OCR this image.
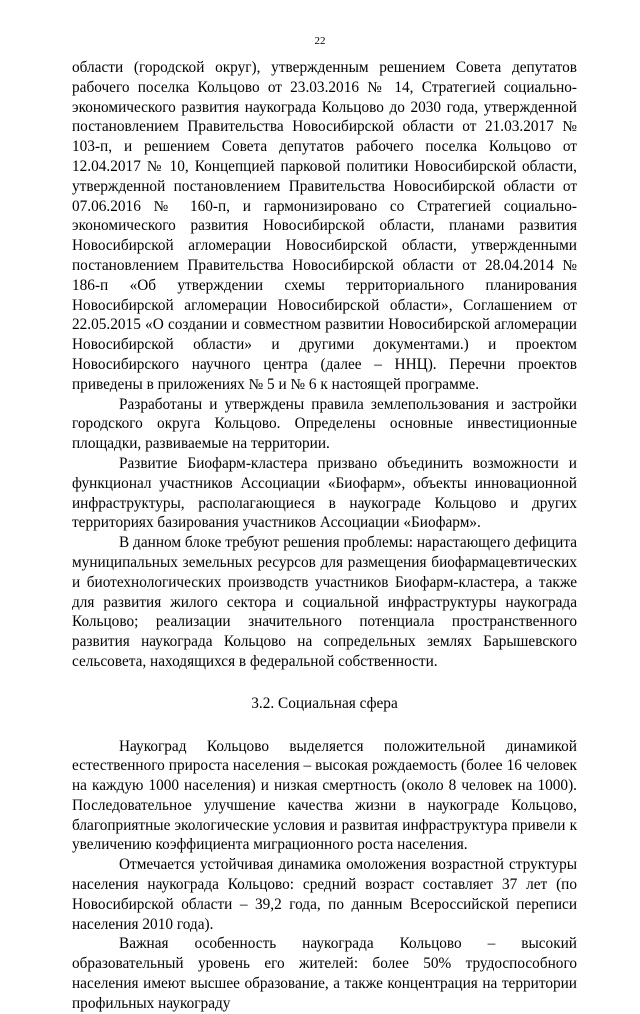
22

области (городской округ), утвержденным решением Совета депутатов рабочего поселка Кольцово от 23.03.2016 № 14, Стратегией социально-экономического развития наукограда Кольцово до 2030 года, утвержденной постановлением Правительства Новосибирской области от 21.03.2017 № 103-п, и решением Совета депутатов рабочего поселка Кольцово от 12.04.2017 № 10, Концепцией парковой политики Новосибирской области, утвержденной постановлением Правительства Новосибирской области от 07.06.2016 № 160-п, и гармонизировано со Стратегией социально-экономического развития Новосибирской области, планами развития Новосибирской агломерации Новосибирской области, утвержденными постановлением Правительства Новосибирской области от 28.04.2014 № 186-п «Об утверждении схемы территориального планирования Новосибирской агломерации Новосибирской области», Соглашением от 22.05.2015 «О создании и совместном развитии Новосибирской агломерации Новосибирской области» и другими документами.) и проектом Новосибирского научного центра (далее – ННЦ). Перечни проектов приведены в приложениях № 5 и № 6 к настоящей программе.

Разработаны и утверждены правила землепользования и застройки городского округа Кольцово. Определены основные инвестиционные площадки, развиваемые на территории.

Развитие Биофарм-кластера призвано объединить возможности и функционал участников Ассоциации «Биофарм», объекты инновационной инфраструктуры, располагающиеся в наукограде Кольцово и других территориях базирования участников Ассоциации «Биофарм».

В данном блоке требуют решения проблемы: нарастающего дефицита муниципальных земельных ресурсов для размещения биофармацевтических и биотехнологических производств участников Биофарм-кластера, а также для развития жилого сектора и социальной инфраструктуры наукограда Кольцово; реализации значительного потенциала пространственного развития наукограда Кольцово на сопредельных землях Барышевского сельсовета, находящихся в федеральной собственности.

3.2. Социальная сфера

Наукоград Кольцово выделяется положительной динамикой естественного прироста населения – высокая рождаемость (более 16 человек на каждую 1000 населения) и низкая смертность (около 8 человек на 1000). Последовательное улучшение качества жизни в наукограде Кольцово, благоприятные экологические условия и развитая инфраструктура привели к увеличению коэффициента миграционного роста населения.

Отмечается устойчивая динамика омоложения возрастной структуры населения наукограда Кольцово: средний возраст составляет 37 лет (по Новосибирской области – 39,2 года, по данным Всероссийской переписи населения 2010 года).

Важная особенность наукограда Кольцово – высокий образовательный уровень его жителей: более 50% трудоспособного населения имеют высшее образование, а также концентрация на территории профильных наукограду
